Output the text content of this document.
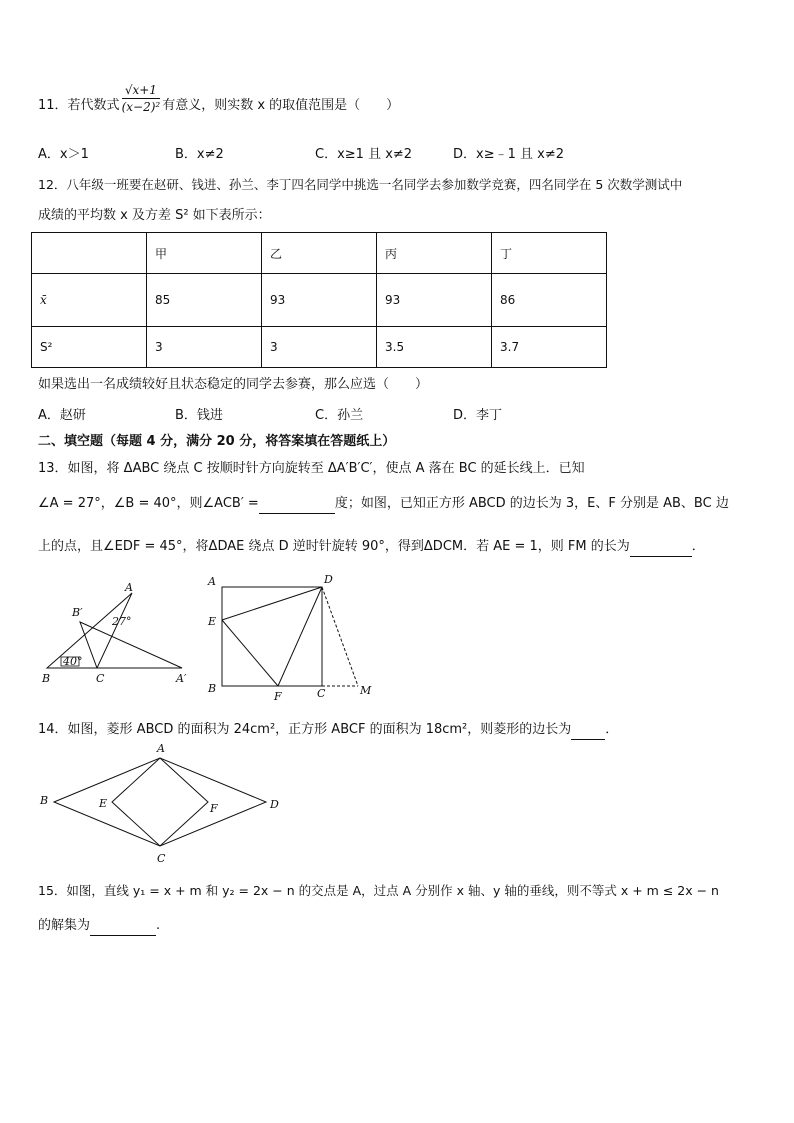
11．若代数式 $\frac{√x+1}{\text{(x−2)²}}$ 有意义，则实数 x 的取值范围是（　　）
A．x＞1	B．x≠2	C．x≥1 且 x≠2	D．x≥﹣1 且 x≠2
12．八年级一班要在赵研、钱进、孙兰、李丁四名同学中挑选一名同学去参加数学竞赛，四名同学在 5 次数学测试中
成绩的平均数 x 及方差 S² 如下表所示：
	甲	乙	丙	丁
x̄	85	93	93	86
S²	3	3	3.5	3.7
如果选出一名成绩较好且状态稳定的同学去参赛，那么应选（　　）
A．赵研	B．钱进	C．孙兰	D．李丁
二、填空题（每题 4 分，满分 20 分，将答案填在答题纸上）
13．如图，将 ΔABC 绕点 C 按顺时针方向旋转至 ΔA′B′C′，使点 A 落在 BC 的延长线上．已知
∠A = 27°，∠B = 40°，则∠ACB′ =	度；如图，已知正方形 ABCD 的边长为 3，E、F 分别是 AB、BC 边
上的点，且∠EDF = 45°，将ΔDAE 绕点 D 逆时针旋转 90°，得到ΔDCM．若 AE = 1，则 FM 的长为	．
B′
A
27°
40°
B	C	A′
A	D
E
B
F	C	M
14．如图，菱形 ABCD 的面积为 24cm²，正方形 ABCF 的面积为 18cm²，则菱形的边长为	．
A
B
C
D
E	F
15．如图，直线 y₁ = x + m 和 y₂ = 2x − n 的交点是 A，过点 A 分别作 x 轴、y 轴的垂线，则不等式 x + m ≤ 2x − n
的解集为	.
